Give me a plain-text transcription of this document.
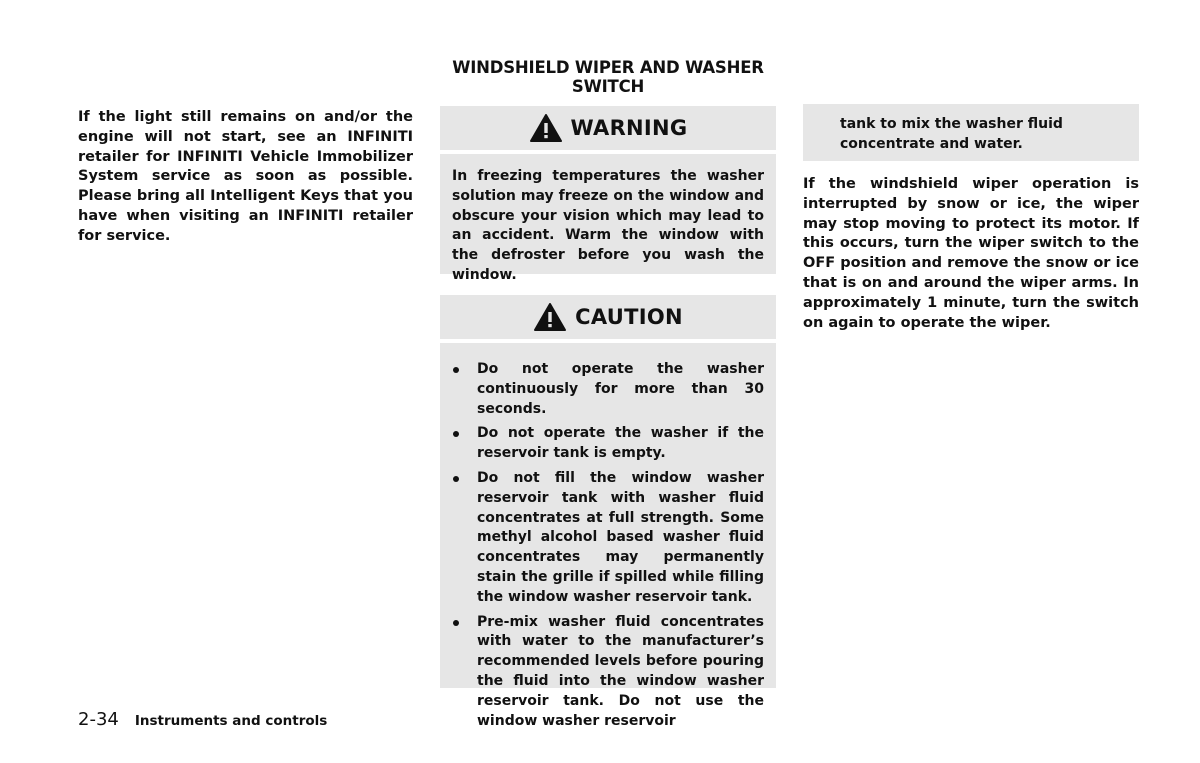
WINDSHIELD WIPER AND WASHER SWITCH

If the light still remains on and/or the engine will not start, see an INFINITI retailer for INFINITI Vehicle Immobilizer System service as soon as possible. Please bring all Intelligent Keys that you have when visiting an INFINITI retailer for service.

WARNING

In freezing temperatures the washer solution may freeze on the window and obscure your vision which may lead to an accident. Warm the window with the defroster before you wash the window.

CAUTION
Do not operate the washer continuously for more than 30 seconds.
Do not operate the washer if the reservoir tank is empty.
Do not fill the window washer reservoir tank with washer fluid concentrates at full strength. Some methyl alcohol based washer fluid concentrates may permanently stain the grille if spilled while filling the window washer reservoir tank.
Pre-mix washer fluid concentrates with water to the manufacturer’s recommended levels before pouring the fluid into the window washer reservoir tank. Do not use the window washer reservoir

tank to mix the washer fluid concentrate and water.

If the windshield wiper operation is interrupted by snow or ice, the wiper may stop moving to protect its motor. If this occurs, turn the wiper switch to the OFF position and remove the snow or ice that is on and around the wiper arms. In approximately 1 minute, turn the switch on again to operate the wiper.

2-34 Instruments and controls
